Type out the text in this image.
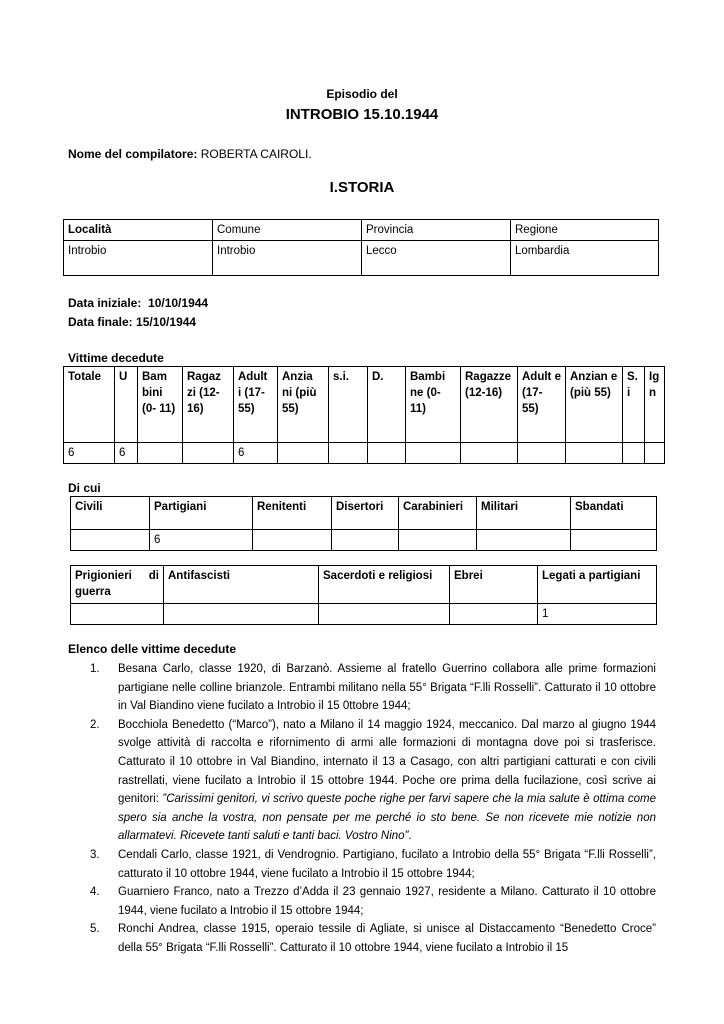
Episodio del
INTROBIO 15.10.1944
Nome del compilatore: ROBERTA CAIROLI.
I.STORIA
Località	Comune	Provincia	Regione
Introbio	Introbio	Lecco	Lombardia
Data iniziale: 10/10/1944
Data finale: 15/10/1944
Vittime decedute
Totale	U	Bam bini (0- 11)	Ragaz zi (12- 16)	Adult i (17- 55)	Anzia ni (più 55)	s.i.	D.	Bambi ne (0- 11)	Ragazze (12-16)	Adult e (17- 55)	Anzian e (più 55)	S. i	Ig n
6	6			6									
Di cui
Civili	Partigiani	Renitenti	Disertori	Carabinieri	Militari	Sbandati
	6					
Prigionieri di guerra	Antifascisti	Sacerdoti e religiosi	Ebrei	Legati a partigiani
				1
Elenco delle vittime decedute
1. Besana Carlo, classe 1920, di Barzanò. Assieme al fratello Guerrino collabora alle prime formazioni partigiane nelle colline brianzole. Entrambi militano nella 55° Brigata “F.lli Rosselli”. Catturato il 10 ottobre in Val Biandino viene fucilato a Introbio il 15 0ttobre 1944;
2. Bocchiola Benedetto (“Marco”), nato a Milano il 14 maggio 1924, meccanico. Dal marzo al giugno 1944 svolge attività di raccolta e rifornimento di armi alle formazioni di montagna dove poi si trasferisce. Catturato il 10 ottobre in Val Biandino, internato il 13 a Casago, con altri partigiani catturati e con civili rastrellati, viene fucilato a Introbio il 15 ottobre 1944. Poche ore prima della fucilazione, così scrive ai genitori: ”Carissimi genitori, vi scrivo queste poche righe per farvi sapere che la mia salute è ottima come spero sia anche la vostra, non pensate per me perché io sto bene. Se non ricevete mie notizie non allarmatevi. Ricevete tanti saluti e tanti baci. Vostro Nino”.
3. Cendali Carlo, classe 1921, di Vendrognio. Partigiano, fucilato a Introbio della 55° Brigata “F.lli Rosselli”, catturato il 10 ottobre 1944, viene fucilato a Introbio il 15 ottobre 1944;
4. Guarniero Franco, nato a Trezzo d’Adda il 23 gennaio 1927, residente a Milano. Catturato il 10 ottobre 1944, viene fucilato a Introbio il 15 ottobre 1944;
5. Ronchi Andrea, classe 1915, operaio tessile di Agliate, si unisce al Distaccamento “Benedetto Croce” della 55° Brigata “F.lli Rosselli”. Catturato il 10 ottobre 1944, viene fucilato a Introbio il 15
